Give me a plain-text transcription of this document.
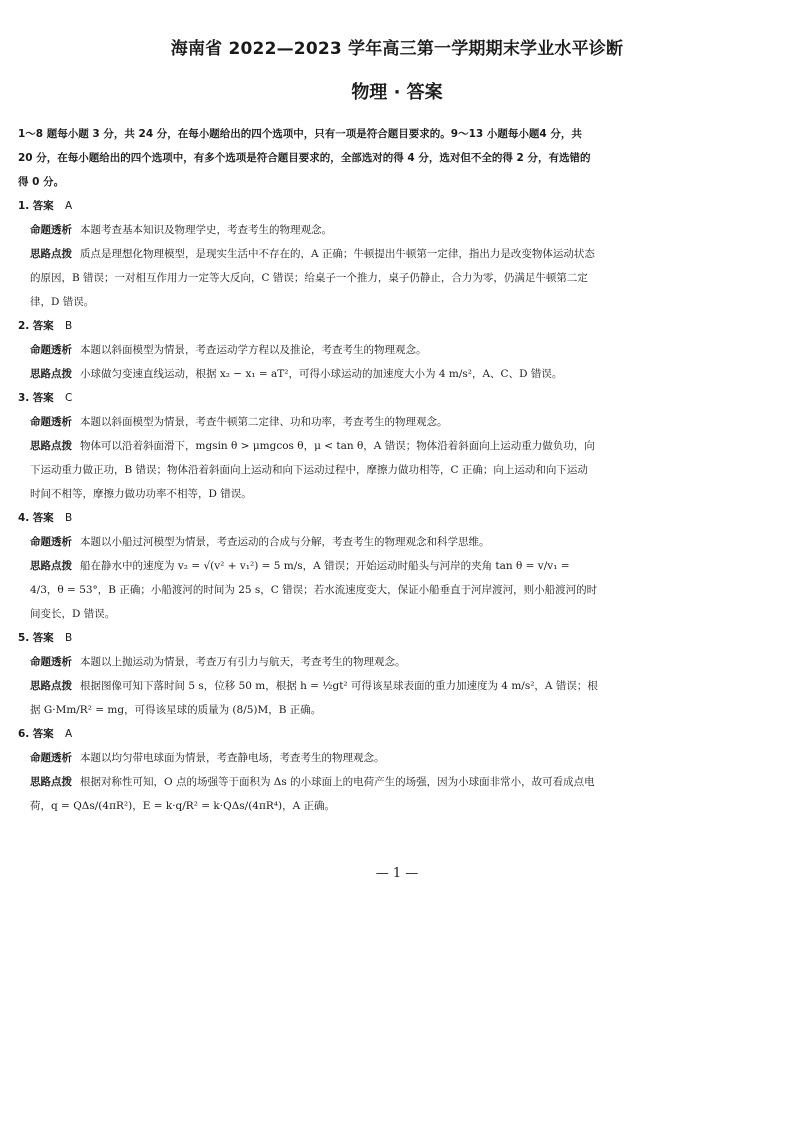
海南省 2022—2023 学年高三第一学期期末学业水平诊断
物理 · 答案
1～8 题每小题 3 分，共 24 分，在每小题给出的四个选项中，只有一项是符合题目要求的。9～13 小题每小题4 分，共 20 分，在每小题给出的四个选项中，有多个选项是符合题目要求的，全部选对的得 4 分，选对但不全的得 2 分，有选错的得 0 分。
1. 答案 A
命题透析 本题考查基本知识及物理学史，考查考生的物理观念。
思路点拨 质点是理想化物理模型，是现实生活中不存在的，A 正确；牛顿提出牛顿第一定律，指出力是改变物体运动状态的原因，B 错误；一对相互作用力一定等大反向，C 错误；给桌子一个推力，桌子仍静止，合力为零，仍满足牛顿第二定律，D 错误。
2. 答案 B
命题透析 本题以斜面模型为情景，考查运动学方程以及推论，考查考生的物理观念。
思路点拨 小球做匀变速直线运动，根据 x₂ − x₁ = aT²，可得小球运动的加速度大小为 4 m/s²，A、C、D 错误。
3. 答案 C
命题透析 本题以斜面模型为情景，考查牛顿第二定律、功和功率，考查考生的物理观念。
思路点拨 物体可以沿着斜面滑下，mgsin θ > μmgcos θ，μ < tan θ，A 错误；物体沿着斜面向上运动重力做负功，向下运动重力做正功，B 错误；物体沿着斜面向上运动和向下运动过程中，摩擦力做功相等，C 正确；向上运动和向下运动时间不相等，摩擦力做功功率不相等，D 错误。
4. 答案 B
命题透析 本题以小船过河模型为情景，考查运动的合成与分解，考查考生的物理观念和科学思维。
思路点拨 船在静水中的速度为 v₂ = √(v² + v₁²) = 5 m/s，A 错误；开始运动时船头与河岸的夹角 tan θ = v/v₁ = 4/3，θ = 53°，B 正确；小船渡河的时间为 25 s，C 错误；若水流速度变大，保证小船垂直于河岸渡河，则小船渡河的时间变长，D 错误。
5. 答案 B
命题透析 本题以上抛运动为情景，考查万有引力与航天，考查考生的物理观念。
思路点拨 根据图像可知下落时间 5 s，位移 50 m，根据 h = ½gt² 可得该星球表面的重力加速度为 4 m/s²，A 错误；根据 G·Mm/R² = mg，可得该星球的质量为 (8/5)M，B 正确。
6. 答案 A
命题透析 本题以均匀带电球面为情景，考查静电场，考查考生的物理观念。
思路点拨 根据对称性可知，O 点的场强等于面积为 Δs 的小球面上的电荷产生的场强，因为小球面非常小，故可看成点电荷，q = QΔs/(4πR²)，E = k·q/R² = k·QΔs/(4πR⁴)，A 正确。
— 1 —
